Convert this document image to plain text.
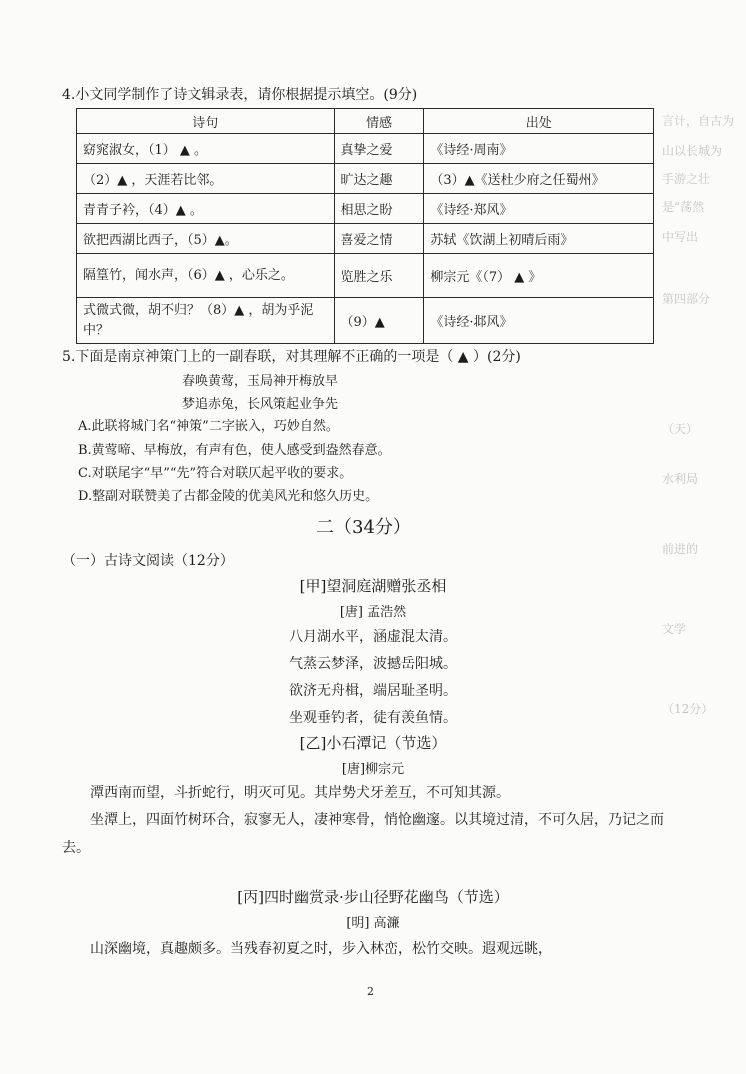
言计，自古为
山以长城为
手游之壮
是“荡然
中写出
第四部分
（天）
水利局
前进的
文学
（12分）
4.小文同学制作了诗文辑录表，请你根据提示填空。(9分)
诗句	情感	出处
窈窕淑女，（1） ▲ 。	真挚之爱	《诗经·周南》
（2）▲ ，天涯若比邻。	旷达之趣	（3）▲《送杜少府之任蜀州》
青青子衿，（4）▲ 。	相思之盼	《诗经·郑风》
欲把西湖比西子，（5）▲。	喜爱之情	苏轼《饮湖上初晴后雨》
隔篁竹，闻水声，（6）▲ ，心乐之。	览胜之乐	柳宗元《（7） ▲ 》
式微式微，胡不归？（8）▲ ，胡为乎泥中？	（9）▲	《诗经·邶风》
5.下面是南京神策门上的一副春联，对其理解不正确的一项是（ ▲ ）(2分)
春唤黄莺，玉局神开梅放早
梦追赤兔，长风策起业争先
A.此联将城门名“神策”二字嵌入，巧妙自然。
B.黄莺啼、早梅放，有声有色，使人感受到盎然春意。
C.对联尾字“早”“先”符合对联仄起平收的要求。
D.整副对联赞美了古都金陵的优美风光和悠久历史。
二（34分）
（一）古诗文阅读（12分）
[甲]望洞庭湖赠张丞相
[唐] 孟浩然
八月湖水平，涵虚混太清。
气蒸云梦泽，波撼岳阳城。
欲济无舟楫，端居耻圣明。
坐观垂钓者，徒有羡鱼情。
[乙]小石潭记（节选）
[唐]柳宗元
潭西南而望，斗折蛇行，明灭可见。其岸势犬牙差互，不可知其源。
坐潭上，四面竹树环合，寂寥无人，凄神寒骨，悄怆幽邃。以其境过清，不可久居，乃记之而去。
[丙]四时幽赏录·步山径野花幽鸟（节选）
[明] 高濂
山深幽境，真趣颇多。当残春初夏之时，步入林峦，松竹交映。遐观远眺，
2
